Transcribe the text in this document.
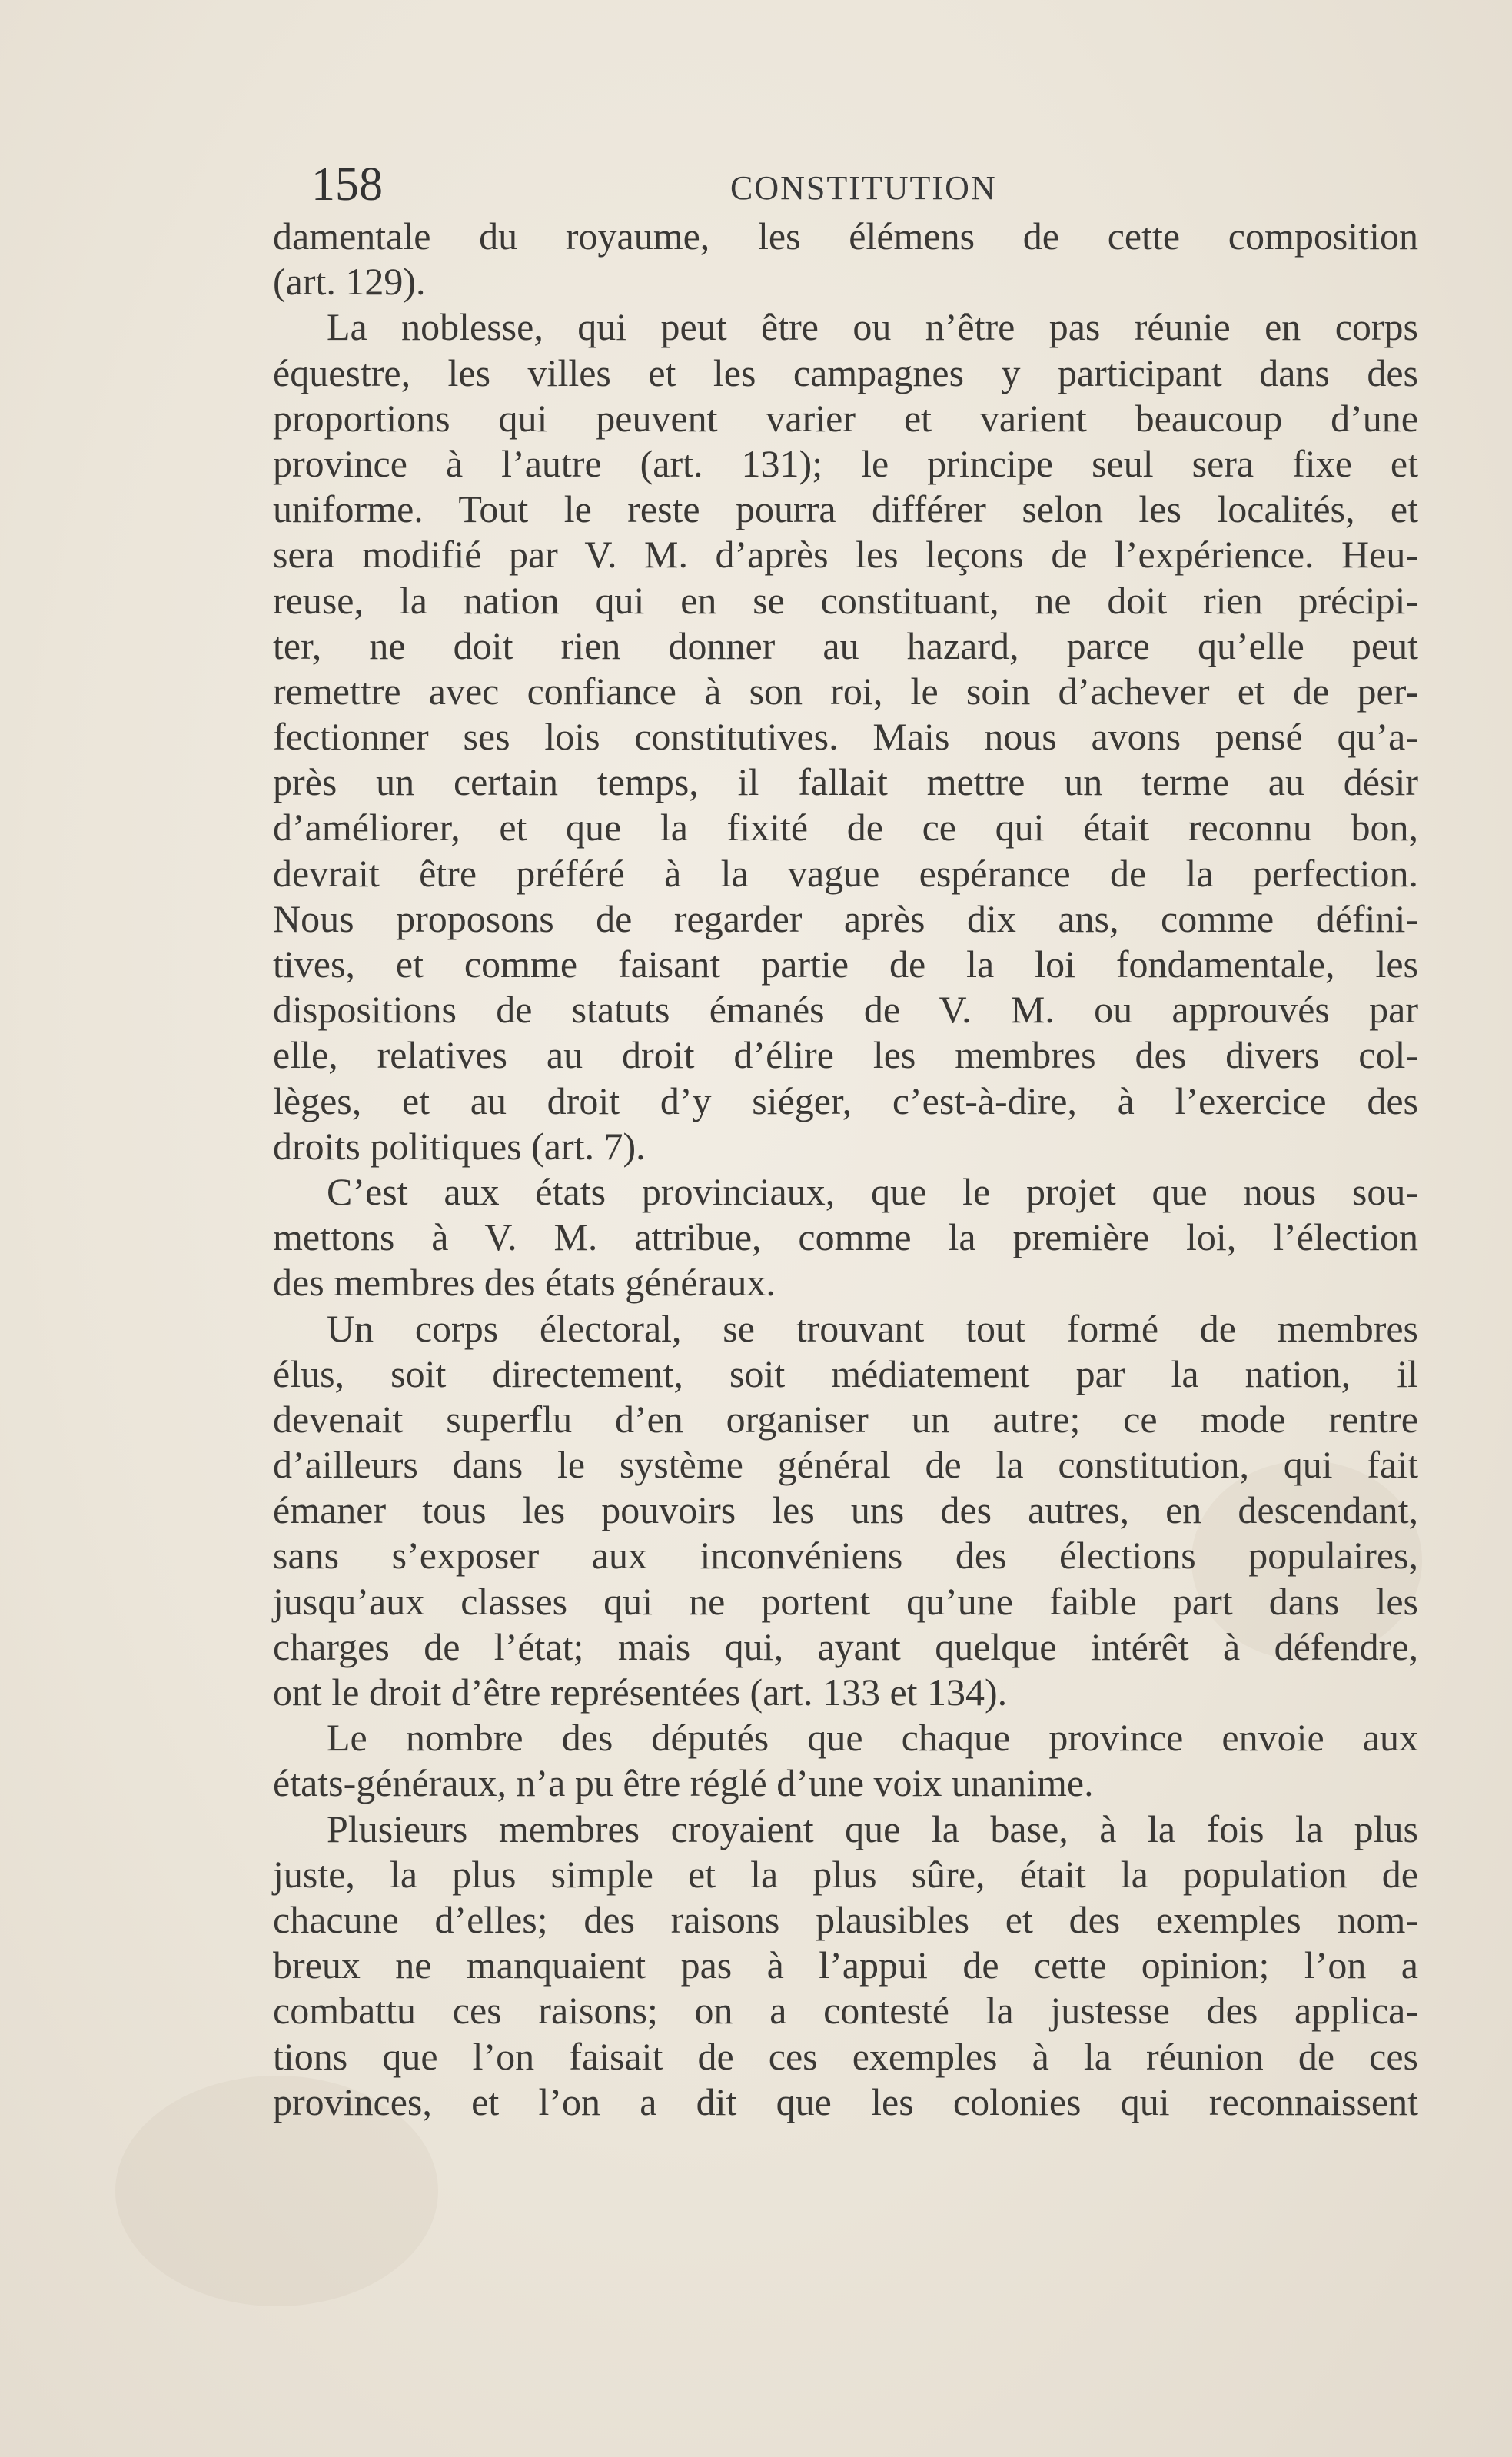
158	CONSTITUTION
damentale du royaume, les élémens de cette composition
(art. 129).
La noblesse, qui peut être ou n’être pas réunie en corps
équestre, les villes et les campagnes y participant dans des
proportions qui peuvent varier et varient beaucoup d’une
province à l’autre (art. 131); le principe seul sera fixe et
uniforme. Tout le reste pourra différer selon les localités, et
sera modifié par V. M. d’après les leçons de l’expérience. Heu-
reuse, la nation qui en se constituant, ne doit rien précipi-
ter, ne doit rien donner au hazard, parce qu’elle peut
remettre avec confiance à son roi, le soin d’achever et de per-
fectionner ses lois constitutives. Mais nous avons pensé qu’a-
près un certain temps, il fallait mettre un terme au désir
d’améliorer, et que la fixité de ce qui était reconnu bon,
devrait être préféré à la vague espérance de la perfection.
Nous proposons de regarder après dix ans, comme défini-
tives, et comme faisant partie de la loi fondamentale, les
dispositions de statuts émanés de V. M. ou approuvés par
elle, relatives au droit d’élire les membres des divers col-
lèges, et au droit d’y siéger, c’est-à-dire, à l’exercice des
droits politiques (art. 7).
C’est aux états provinciaux, que le projet que nous sou-
mettons à V. M. attribue, comme la première loi, l’élection
des membres des états généraux.
Un corps électoral, se trouvant tout formé de membres
élus, soit directement, soit médiatement par la nation, il
devenait superflu d’en organiser un autre; ce mode rentre
d’ailleurs dans le système général de la constitution, qui fait
émaner tous les pouvoirs les uns des autres, en descendant,
sans s’exposer aux inconvéniens des élections populaires,
jusqu’aux classes qui ne portent qu’une faible part dans les
charges de l’état; mais qui, ayant quelque intérêt à défendre,
ont le droit d’être représentées (art. 133 et 134).
Le nombre des députés que chaque province envoie aux
états-généraux, n’a pu être réglé d’une voix unanime.
Plusieurs membres croyaient que la base, à la fois la plus
juste, la plus simple et la plus sûre, était la population de
chacune d’elles; des raisons plausibles et des exemples nom-
breux ne manquaient pas à l’appui de cette opinion; l’on a
combattu ces raisons; on a contesté la justesse des applica-
tions que l’on faisait de ces exemples à la réunion de ces
provinces, et l’on a dit que les colonies qui reconnaissent
